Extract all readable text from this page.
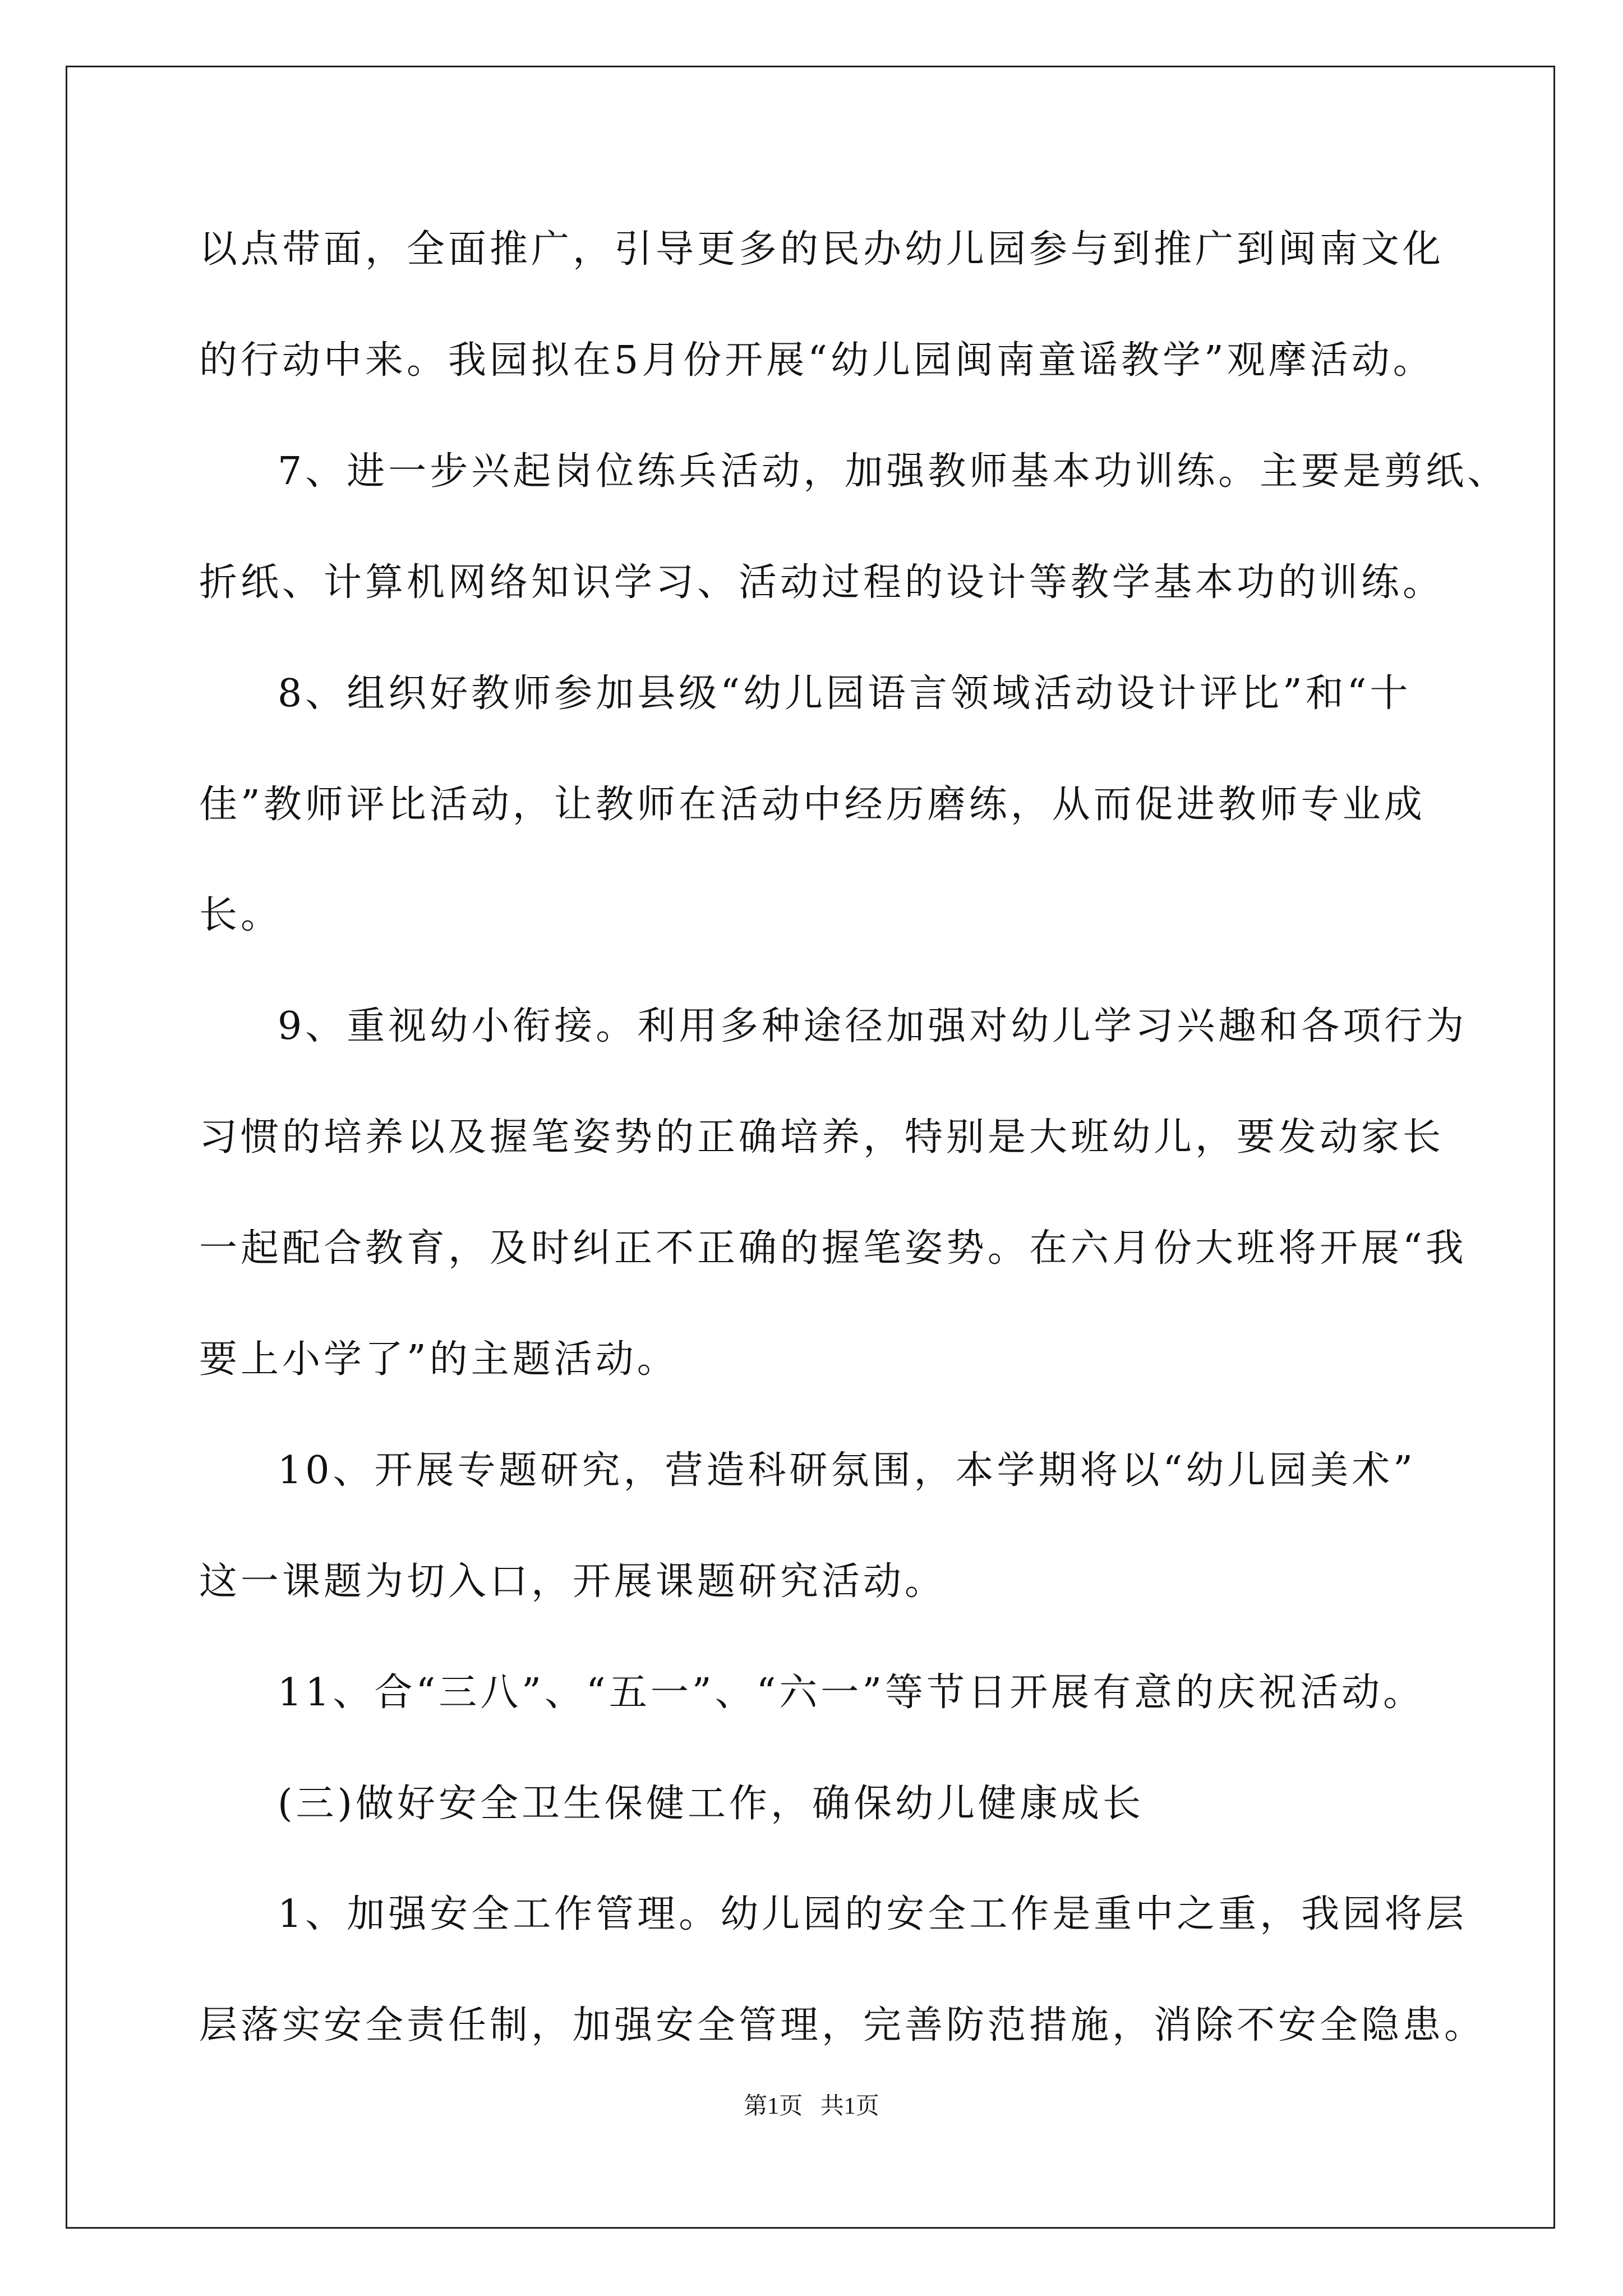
以点带面，全面推广，引导更多的民办幼儿园参与到推广到闽南文化
的行动中来。我园拟在5月份开展“幼儿园闽南童谣教学”观摩活动。
7、进一步兴起岗位练兵活动，加强教师基本功训练。主要是剪纸、
折纸、计算机网络知识学习、活动过程的设计等教学基本功的训练。
8、组织好教师参加县级“幼儿园语言领域活动设计评比”和“十
佳”教师评比活动，让教师在活动中经历磨练，从而促进教师专业成
长。
9、重视幼小衔接。利用多种途径加强对幼儿学习兴趣和各项行为
习惯的培养以及握笔姿势的正确培养，特别是大班幼儿，要发动家长
一起配合教育，及时纠正不正确的握笔姿势。在六月份大班将开展“我
要上小学了”的主题活动。
10、开展专题研究，营造科研氛围，本学期将以“幼儿园美术”
这一课题为切入口，开展课题研究活动。
11、合“三八”、“五一”、“六一”等节日开展有意的庆祝活动。
(三)做好安全卫生保健工作，确保幼儿健康成长
1、加强安全工作管理。幼儿园的安全工作是重中之重，我园将层
层落实安全责任制，加强安全管理，完善防范措施，消除不安全隐患。
第1页   共1页
